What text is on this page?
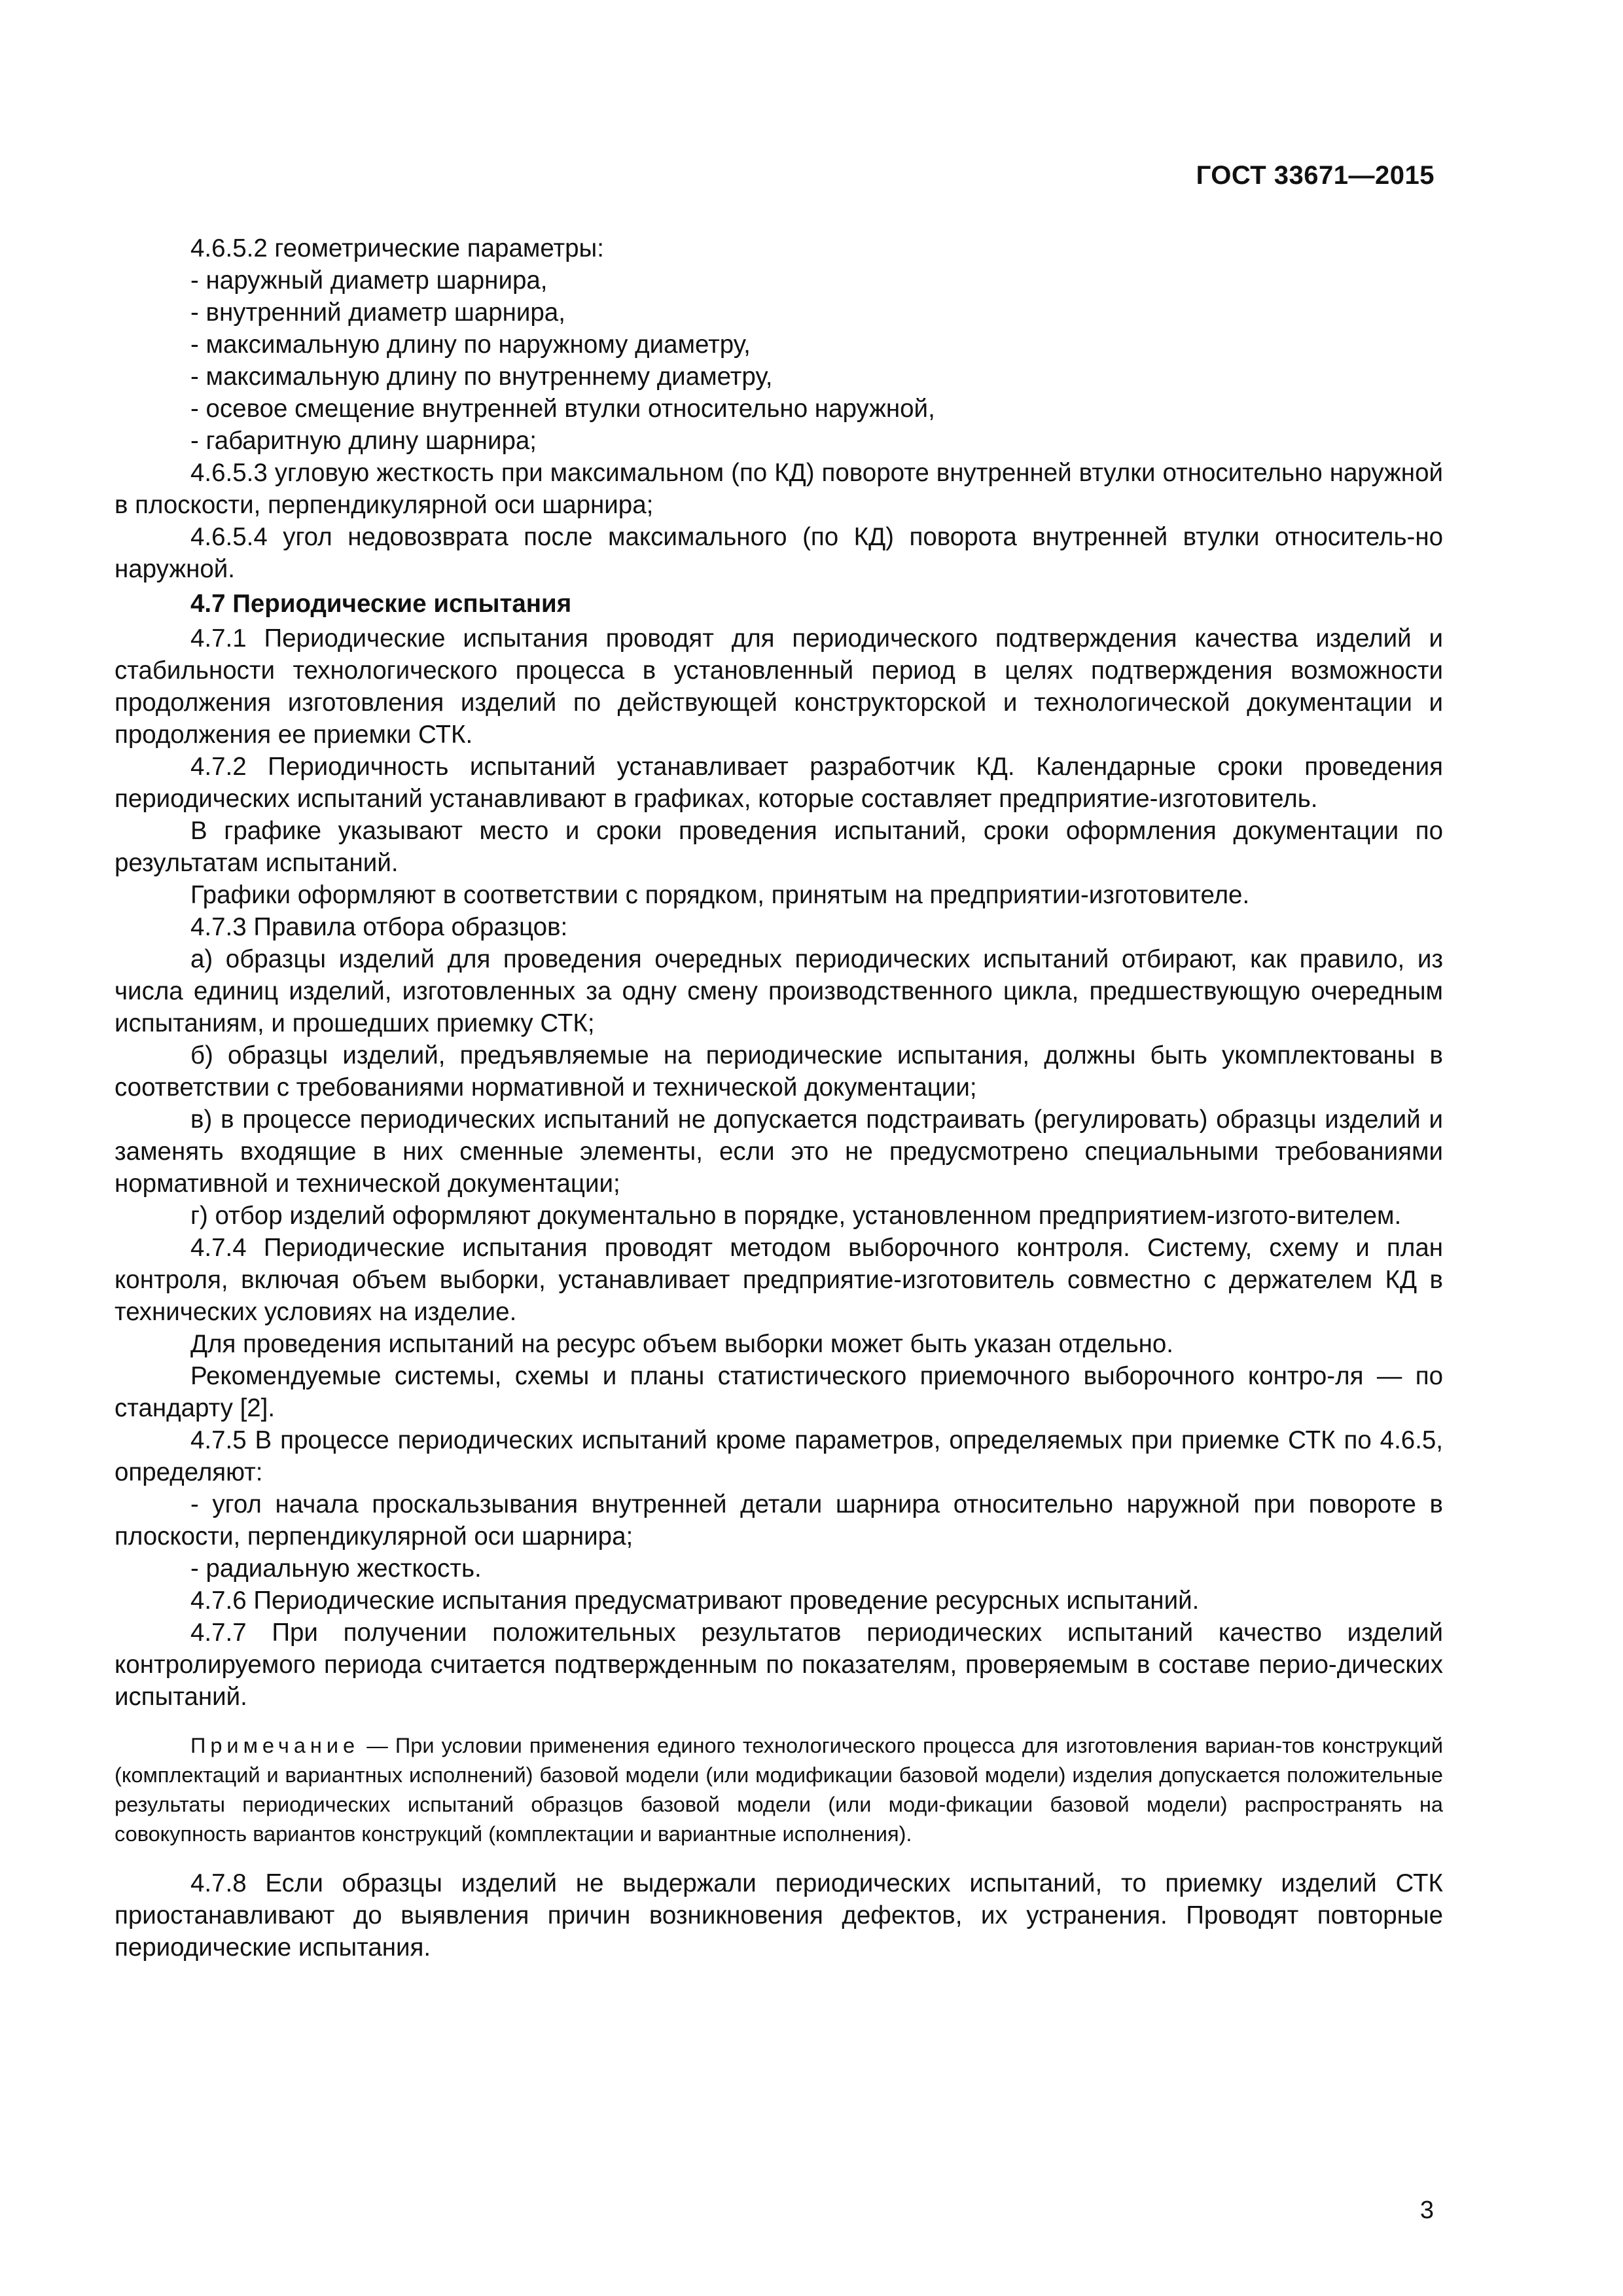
ГОСТ 33671—2015
4.6.5.2 геометрические параметры:
- наружный диаметр шарнира,
- внутренний диаметр шарнира,
- максимальную длину по наружному диаметру,
- максимальную длину по внутреннему диаметру,
- осевое смещение внутренней втулки относительно наружной,
- габаритную длину шарнира;
4.6.5.3 угловую жесткость при максимальном (по КД) повороте внутренней втулки относительно наружной в плоскости, перпендикулярной оси шарнира;
4.6.5.4 угол недовозврата после максимального (по КД) поворота внутренней втулки относитель-но наружной.
4.7 Периодические испытания
4.7.1 Периодические испытания проводят для периодического подтверждения качества изделий и стабильности технологического процесса в установленный период в целях подтверждения возможности продолжения изготовления изделий по действующей конструкторской и технологической документации и продолжения ее приемки СТК.
4.7.2 Периодичность испытаний устанавливает разработчик КД. Календарные сроки проведения периодических испытаний устанавливают в графиках, которые составляет предприятие-изготовитель.
В графике указывают место и сроки проведения испытаний, сроки оформления документации по результатам испытаний.
Графики оформляют в соответствии с порядком, принятым на предприятии-изготовителе.
4.7.3 Правила отбора образцов:
а) образцы изделий для проведения очередных периодических испытаний отбирают, как правило, из числа единиц изделий, изготовленных за одну смену производственного цикла, предшествующую очередным испытаниям, и прошедших приемку СТК;
б) образцы изделий, предъявляемые на периодические испытания, должны быть укомплектованы в соответствии с требованиями нормативной и технической документации;
в) в процессе периодических испытаний не допускается подстраивать (регулировать) образцы изделий и заменять входящие в них сменные элементы, если это не предусмотрено специальными требованиями нормативной и технической документации;
г) отбор изделий оформляют документально в порядке, установленном предприятием-изгото-вителем.
4.7.4 Периодические испытания проводят методом выборочного контроля. Систему, схему и план контроля, включая объем выборки, устанавливает предприятие-изготовитель совместно с держателем КД в технических условиях на изделие.
Для проведения испытаний на ресурс объем выборки может быть указан отдельно.
Рекомендуемые системы, схемы и планы статистического приемочного выборочного контро-ля — по стандарту [2].
4.7.5 В процессе периодических испытаний кроме параметров, определяемых при приемке СТК по 4.6.5, определяют:
- угол начала проскальзывания внутренней детали шарнира относительно наружной при повороте в плоскости, перпендикулярной оси шарнира;
- радиальную жесткость.
4.7.6 Периодические испытания предусматривают проведение ресурсных испытаний.
4.7.7 При получении положительных результатов периодических испытаний качество изделий контролируемого периода считается подтвержденным по показателям, проверяемым в составе перио-дических испытаний.
Примечание — При условии применения единого технологического процесса для изготовления вариан-тов конструкций (комплектаций и вариантных исполнений) базовой модели (или модификации базовой модели) изделия допускается положительные результаты периодических испытаний образцов базовой модели (или моди-фикации базовой модели) распространять на совокупность вариантов конструкций (комплектации и вариантные исполнения).
4.7.8 Если образцы изделий не выдержали периодических испытаний, то приемку изделий СТК приостанавливают до выявления причин возникновения дефектов, их устранения. Проводят повторные периодические испытания.
3
